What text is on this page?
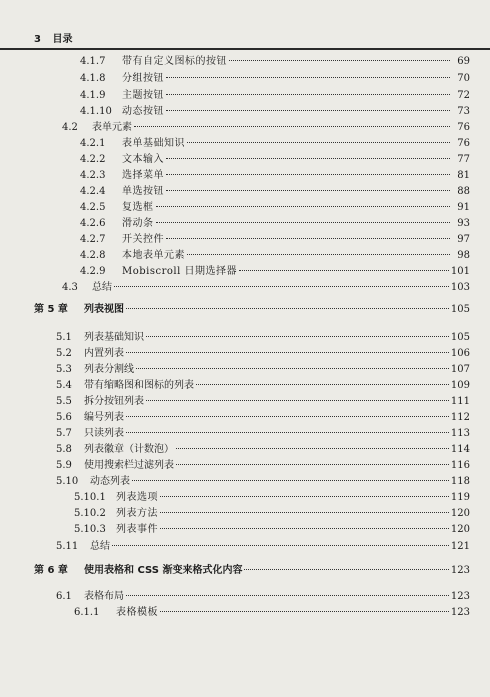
3 目录
4.1.7	带有自定义图标的按钮	69
4.1.8	分组按钮	70
4.1.9	主题按钮	72
4.1.10	动态按钮	73
4.2	表单元素	76
4.2.1	表单基础知识	76
4.2.2	文本输入	77
4.2.3	选择菜单	81
4.2.4	单选按钮	88
4.2.5	复选框	91
4.2.6	滑动条	93
4.2.7	开关控件	97
4.2.8	本地表单元素	98
4.2.9	Mobiscroll 日期选择器	101
4.3	总结	103
第 5 章	列表视图	105
5.1	列表基础知识	105
5.2	内置列表	106
5.3	列表分割线	107
5.4	带有缩略图和图标的列表	109
5.5	拆分按钮列表	111
5.6	编号列表	112
5.7	只读列表	113
5.8	列表徽章（计数泡）	114
5.9	使用搜索栏过滤列表	116
5.10	动态列表	118
5.10.1	列表选项	119
5.10.2	列表方法	120
5.10.3	列表事件	120
5.11	总结	121
第 6 章	使用表格和 CSS 渐变来格式化内容	123
6.1	表格布局	123
6.1.1	表格模板	123
